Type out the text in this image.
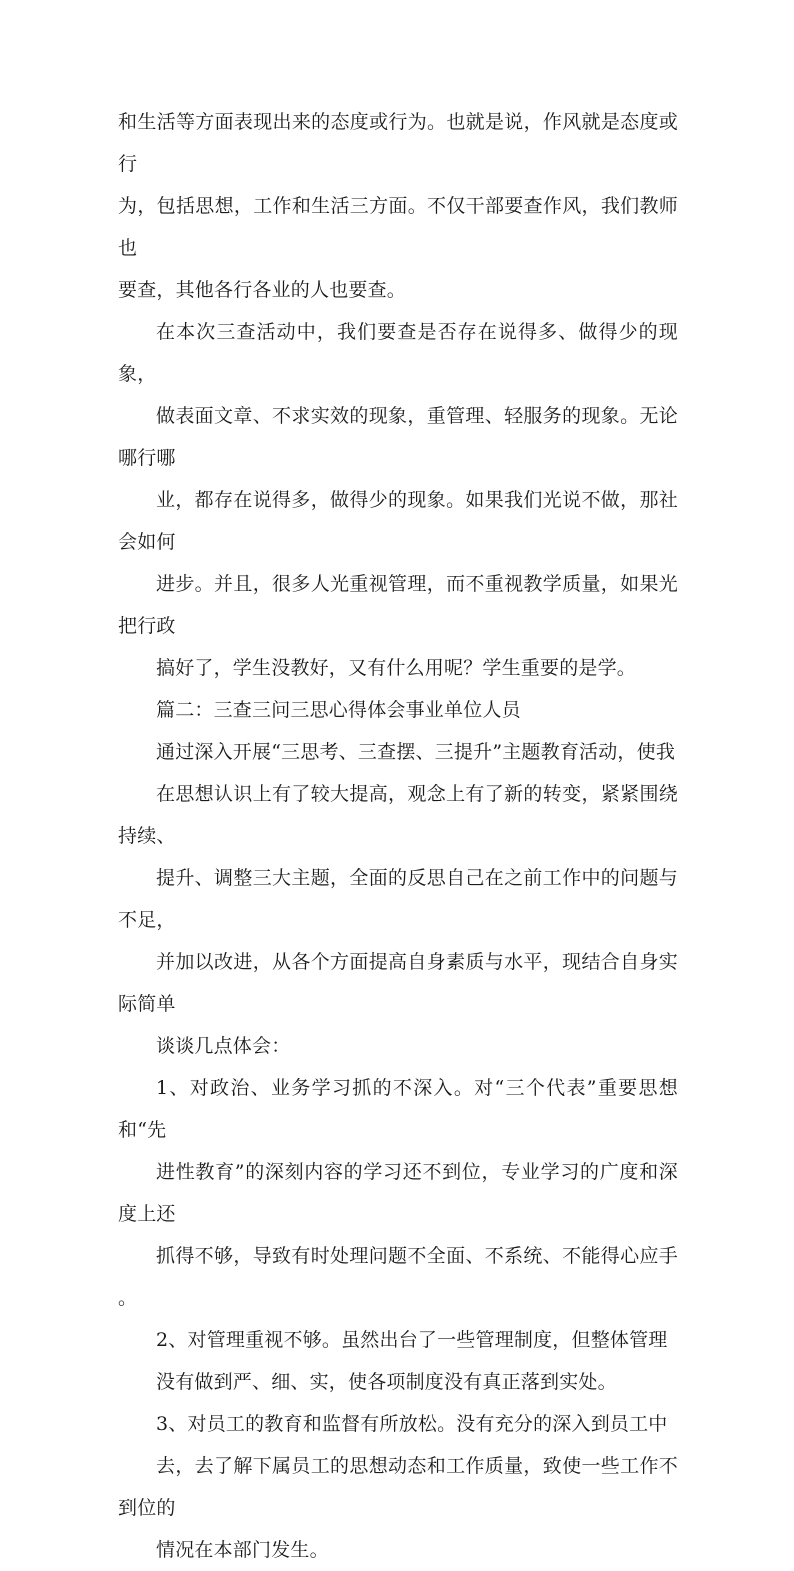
和生活等方面表现出来的态度或行为。也就是说，作风就是态度或行
为，包括思想，工作和生活三方面。不仅干部要查作风，我们教师也
要查，其他各行各业的人也要查。

在本次三查活动中，我们要查是否存在说得多、做得少的现象，
做表面文章、不求实效的现象，重管理、轻服务的现象。无论哪行哪
业，都存在说得多，做得少的现象。如果我们光说不做，那社会如何
进步。并且，很多人光重视管理，而不重视教学质量，如果光把行政
搞好了，学生没教好，又有什么用呢？学生重要的是学。

篇二：三查三问三思心得体会事业单位人员

通过深入开展“三思考、三查摆、三提升”主题教育活动，使我
在思想认识上有了较大提高，观念上有了新的转变，紧紧围绕持续、
提升、调整三大主题，全面的反思自己在之前工作中的问题与不足，
并加以改进，从各个方面提高自身素质与水平，现结合自身实际简单
谈谈几点体会：

1、对政治、业务学习抓的不深入。对“三个代表”重要思想和“先
进性教育”的深刻内容的学习还不到位，专业学习的广度和深度上还
抓得不够，导致有时处理问题不全面、不系统、不能得心应手 。

2、对管理重视不够。虽然出台了一些管理制度，但整体管理
没有做到严、细、实，使各项制度没有真正落到实处。

3、对员工的教育和监督有所放松。没有充分的深入到员工中
去，去了解下属员工的思想动态和工作质量，致使一些工作不到位的
情况在本部门发生。
